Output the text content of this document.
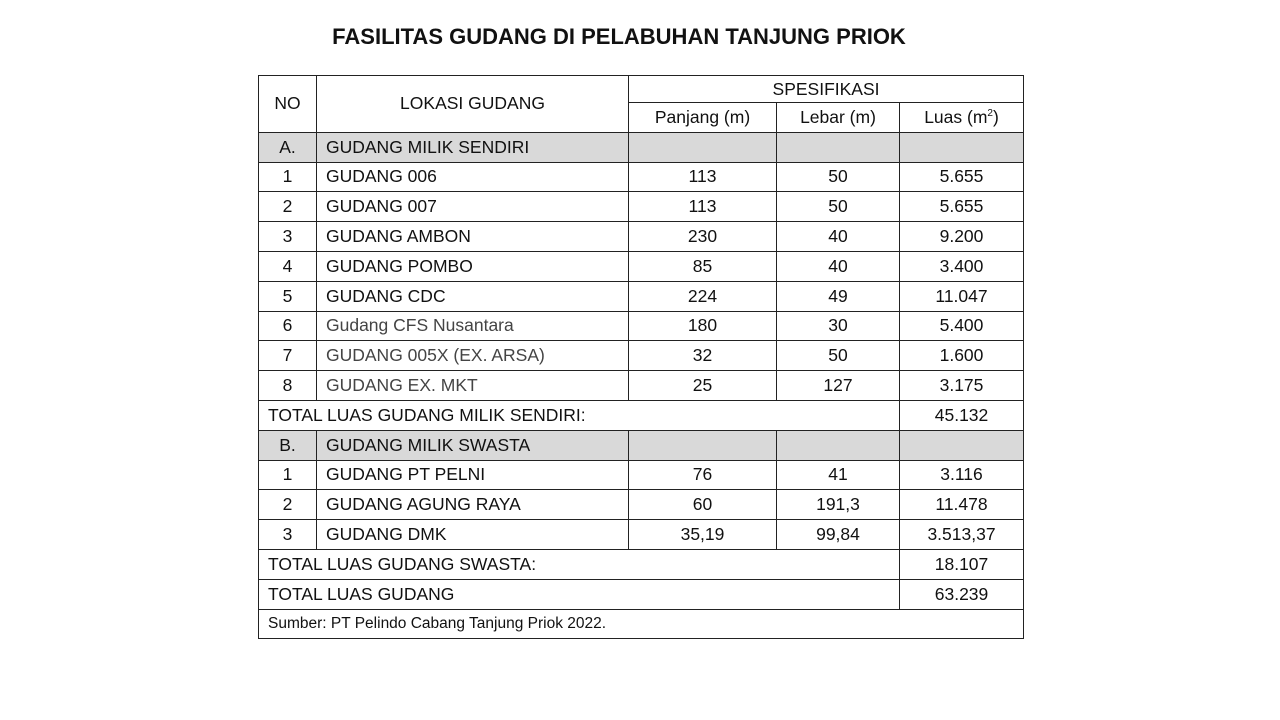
FASILITAS GUDANG DI PELABUHAN TANJUNG PRIOK
NO	LOKASI GUDANG	SPESIFIKASI		
		Panjang (m)	Lebar (m)	Luas $(m^2)$
A.	GUDANG MILIK SENDIRI			
1	GUDANG 006	113	50	5.655
2	GUDANG 007	113	50	5.655
3	GUDANG AMBON	230	40	9.200
4	GUDANG POMBO	85	40	3.400
5	GUDANG CDC	224	49	11.047
6	Gudang CFS Nusantara	180	30	5.400
7	GUDANG 005X (EX. ARSA)	32	50	1.600
8	GUDANG EX. MKT	25	127	3.175
TOTAL LUAS GUDANG MILIK SENDIRI:				45.132
B.	GUDANG MILIK SWASTA			
1	GUDANG PT PELNI	76	41	3.116
2	GUDANG AGUNG RAYA	60	191,3	11.478
3	GUDANG DMK	35,19	99,84	3.513,37
TOTAL LUAS GUDANG SWASTA:				18.107
TOTAL LUAS GUDANG				63.239
Sumber: PT Pelindo Cabang Tanjung Priok 2022.				
